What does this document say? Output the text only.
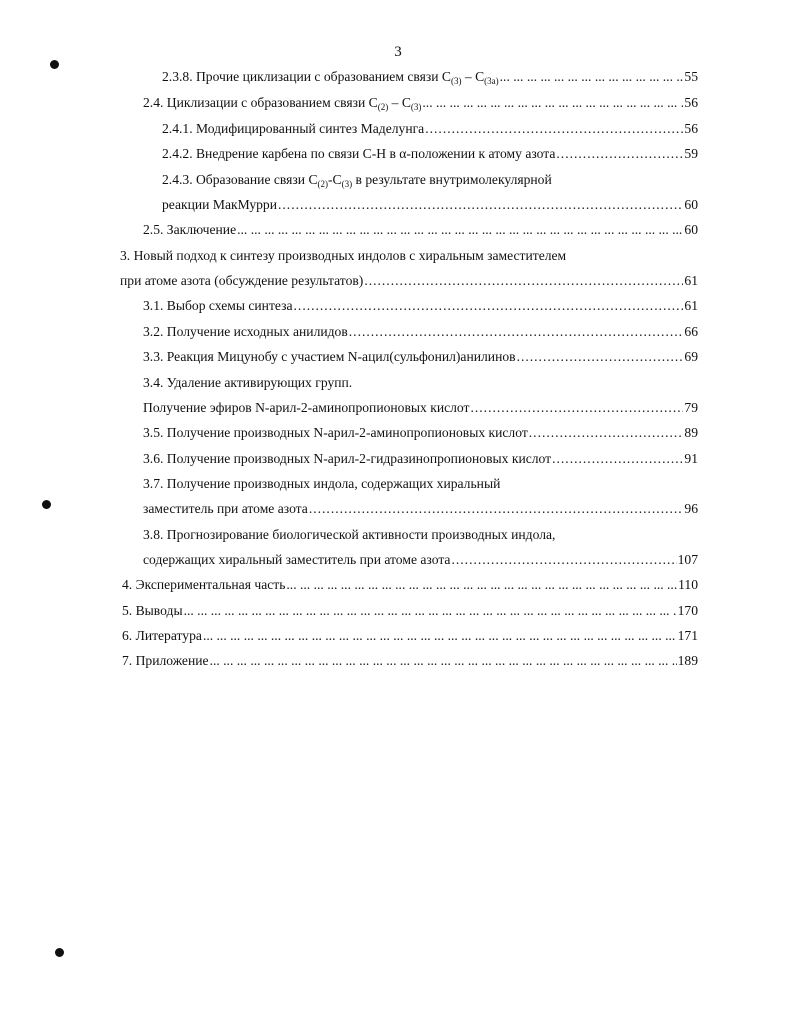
3
2.3.8. Прочие циклизации с образованием связи $C_{(3)} - C_{(3a)}$ ... .	55
2.4. Циклизации с образованием связи $C_{(2)} - C_{(3)}$ ... .	56
2.4.1. Модифицированный синтез Маделунга .....	56
2.4.2. Внедрение карбена по связи С-Н в α-положении к атому азота .....	59
2.4.3. Образование связи $C_{(2)}-C_{(3)}$ в результате внутримолекулярной
реакции МакМурри .....	60
2.5. Заключение ... .	60
3. Новый подход к синтезу производных индолов с хиральным заместителем
при атоме азота (обсуждение результатов) .....	61
3.1. Выбор схемы синтеза .....	61
3.2. Получение исходных анилидов .....	66
3.3. Реакция Мицунобу с участием N-ацил(сульфонил)анилинов .....	69
3.4. Удаление активирующих групп.
Получение эфиров N-арил-2-аминопропионовых кислот .....	79
3.5. Получение производных N-арил-2-аминопропионовых кислот .....	89
3.6. Получение производных N-арил-2-гидразинопропионовых кислот .....	91
3.7. Получение производных индола, содержащих хиральный
заместитель при атоме азота .....	96
3.8. Прогнозирование биологической активности производных индола,
содержащих хиральный заместитель при атоме азота .....	107
4. Экспериментальная часть ... .	110
5. Выводы ... .	170
6. Литература ... .	171
7. Приложение ... .	189
